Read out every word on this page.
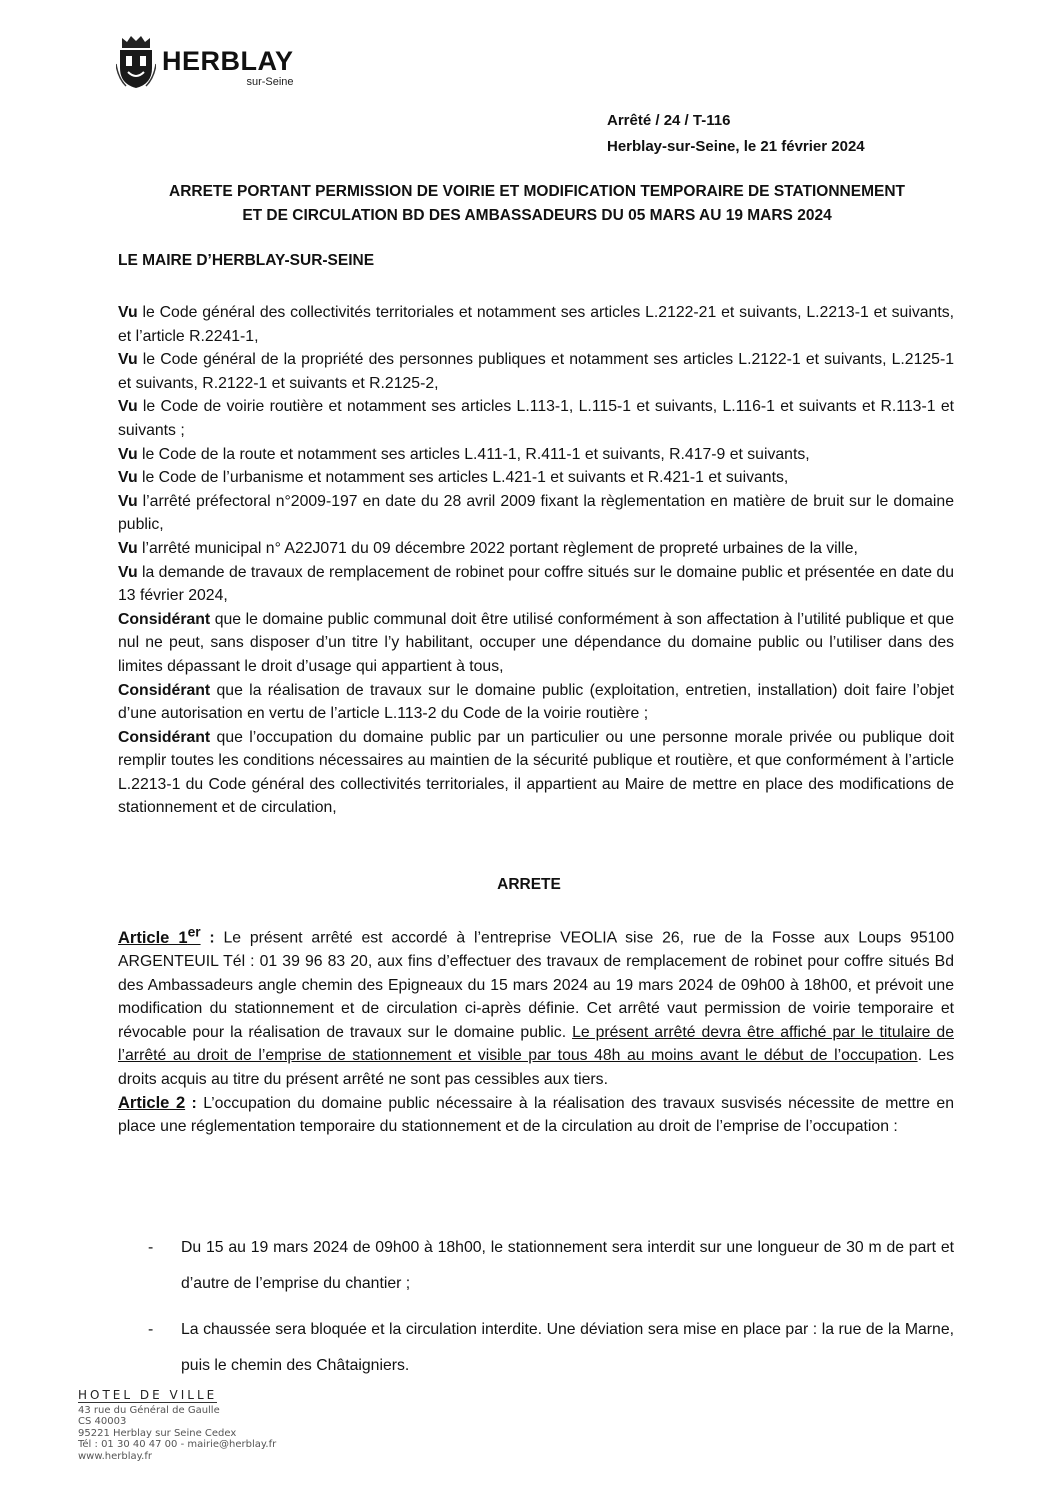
HERBLAY
sur-Seine
Arrêté / 24 / T-116
Herblay-sur-Seine, le 21 février 2024
ARRETE PORTANT PERMISSION DE VOIRIE ET MODIFICATION TEMPORAIRE DE STATIONNEMENT
ET DE CIRCULATION BD DES AMBASSADEURS DU 05 MARS AU 19 MARS 2024
LE MAIRE D’HERBLAY-SUR-SEINE

Vu le Code général des collectivités territoriales et notamment ses articles L.2122-21 et suivants, L.2213-1 et suivants, et l’article R.2241-1,

Vu le Code général de la propriété des personnes publiques et notamment ses articles L.2122-1 et suivants, L.2125-1 et suivants, R.2122-1 et suivants et R.2125-2,

Vu le Code de voirie routière et notamment ses articles L.113-1, L.115-1 et suivants, L.116-1 et suivants et R.113-1 et suivants ;

Vu le Code de la route et notamment ses articles L.411-1, R.411-1 et suivants, R.417-9 et suivants,

Vu le Code de l’urbanisme et notamment ses articles L.421-1 et suivants et R.421-1 et suivants,

Vu l’arrêté préfectoral n°2009-197 en date du 28 avril 2009 fixant la règlementation en matière de bruit sur le domaine public,

Vu l’arrêté municipal n° A22J071 du 09 décembre 2022 portant règlement de propreté urbaines de la ville,

Vu la demande de travaux de remplacement de robinet pour coffre situés sur le domaine public et présentée en date du 13 février 2024,

Considérant que le domaine public communal doit être utilisé conformément à son affectation à l’utilité publique et que nul ne peut, sans disposer d’un titre l’y habilitant, occuper une dépendance du domaine public ou l’utiliser dans des limites dépassant le droit d’usage qui appartient à tous,

Considérant que la réalisation de travaux sur le domaine public (exploitation, entretien, installation) doit faire l’objet d’une autorisation en vertu de l’article L.113-2 du Code de la voirie routière ;

Considérant que l’occupation du domaine public par un particulier ou une personne morale privée ou publique doit remplir toutes les conditions nécessaires au maintien de la sécurité publique et routière, et que conformément à l’article L.2213-1 du Code général des collectivités territoriales, il appartient au Maire de mettre en place des modifications de stationnement et de circulation,

ARRETE

Article 1er : Le présent arrêté est accordé à l’entreprise VEOLIA sise 26, rue de la Fosse aux Loups 95100 ARGENTEUIL Tél : 01 39 96 83 20, aux fins d’effectuer des travaux de remplacement de robinet pour coffre situés Bd des Ambassadeurs angle chemin des Epigneaux du 15 mars 2024 au 19 mars 2024 de 09h00 à 18h00, et prévoit une modification du stationnement et de circulation ci-après définie. Cet arrêté vaut permission de voirie temporaire et révocable pour la réalisation de travaux sur le domaine public. Le présent arrêté devra être affiché par le titulaire de l’arrêté au droit de l’emprise de stationnement et visible par tous 48h au moins avant le début de l’occupation. Les droits acquis au titre du présent arrêté ne sont pas cessibles aux tiers.

Article 2 : L’occupation du domaine public nécessaire à la réalisation des travaux susvisés nécessite de mettre en place une réglementation temporaire du stationnement et de la circulation au droit de l’emprise de l’occupation :

- Du 15 au 19 mars 2024 de 09h00 à 18h00, le stationnement sera interdit sur une longueur de 30 m de part et d’autre de l’emprise du chantier ;
- La chaussée sera bloquée et la circulation interdite. Une déviation sera mise en place par : la rue de la Marne, puis le chemin des Châtaigniers.
HOTEL DE VILLE
43 rue du Général de Gaulle
CS 40003
95221 Herblay sur Seine Cedex
Tél : 01 30 40 47 00 - mairie@herblay.fr
www.herblay.fr
